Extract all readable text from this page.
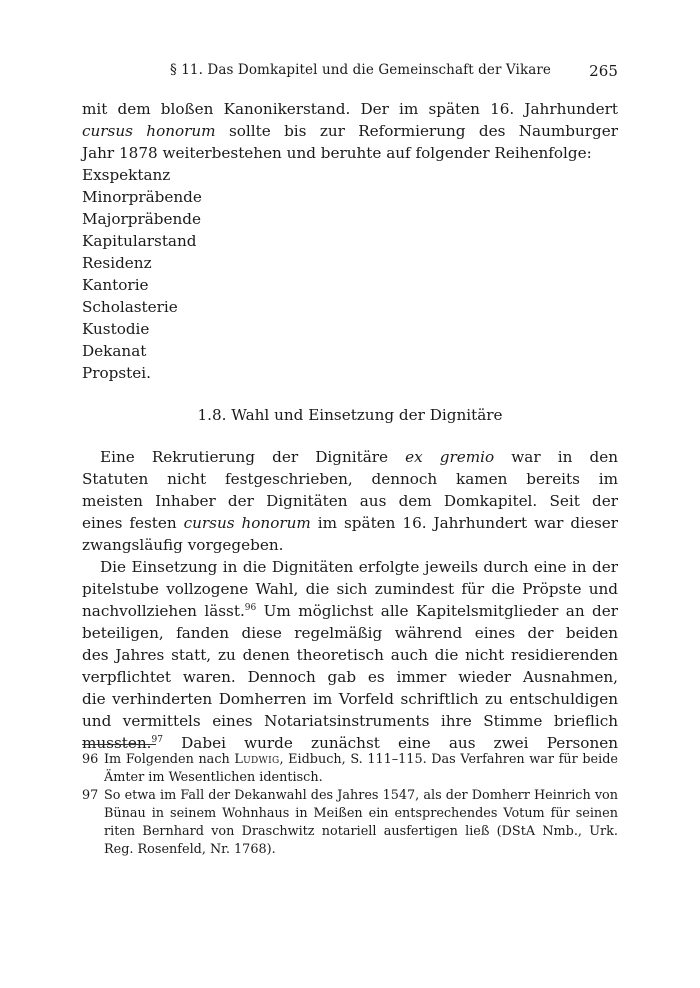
§ 11. Das Domkapitel und die Gemeinschaft der Vikare	265
mit dem bloßen Kanonikerstand. Der im späten 16. Jahrhundert
cursus honorum sollte bis zur Reformierung des Naumburger
Jahr 1878 weiterbestehen und beruhte auf folgender Reihenfolge:
Exspektanz
Minorpräbende
Majorpräbende
Kapitularstand
Residenz
Kantorie
Scholasterie
Kustodie
Dekanat
Propstei.
1.8. Wahl und Einsetzung der Dignitäre
Eine Rekrutierung der Dignitäre ex gremio war in den
Statuten nicht festgeschrieben, dennoch kamen bereits im
meisten Inhaber der Dignitäten aus dem Domkapitel. Seit der
eines festen cursus honorum im späten 16. Jahrhundert war dieser
zwangsläufig vorgegeben.
Die Einsetzung in die Dignitäten erfolgte jeweils durch eine in der
pitelstube vollzogene Wahl, die sich zumindest für die Pröpste und
nachvollziehen lässt.$^{96}$ Um möglichst alle Kapitelsmitglieder an der
beteiligen, fanden diese regelmäßig während eines der beiden
des Jahres statt, zu denen theoretisch auch die nicht residierenden
verpflichtet waren. Dennoch gab es immer wieder Ausnahmen,
die verhinderten Domherren im Vorfeld schriftlich zu entschuldigen
und vermittels eines Notariatsinstruments ihre Stimme brieflich
mussten.$^{97}$ Dabei wurde zunächst eine aus zwei Personen
96 Im Folgenden nach Ludwig, Eidbuch, S. 111–115. Das Verfahren war für beide
Ämter im Wesentlichen identisch.
97 So etwa im Fall der Dekanwahl des Jahres 1547, als der Domherr Heinrich von
Bünau in seinem Wohnhaus in Meißen ein entsprechendes Votum für seinen
riten Bernhard von Draschwitz notariell ausfertigen ließ (DStA Nmb., Urk.
Reg. Rosenfeld, Nr. 1768).
